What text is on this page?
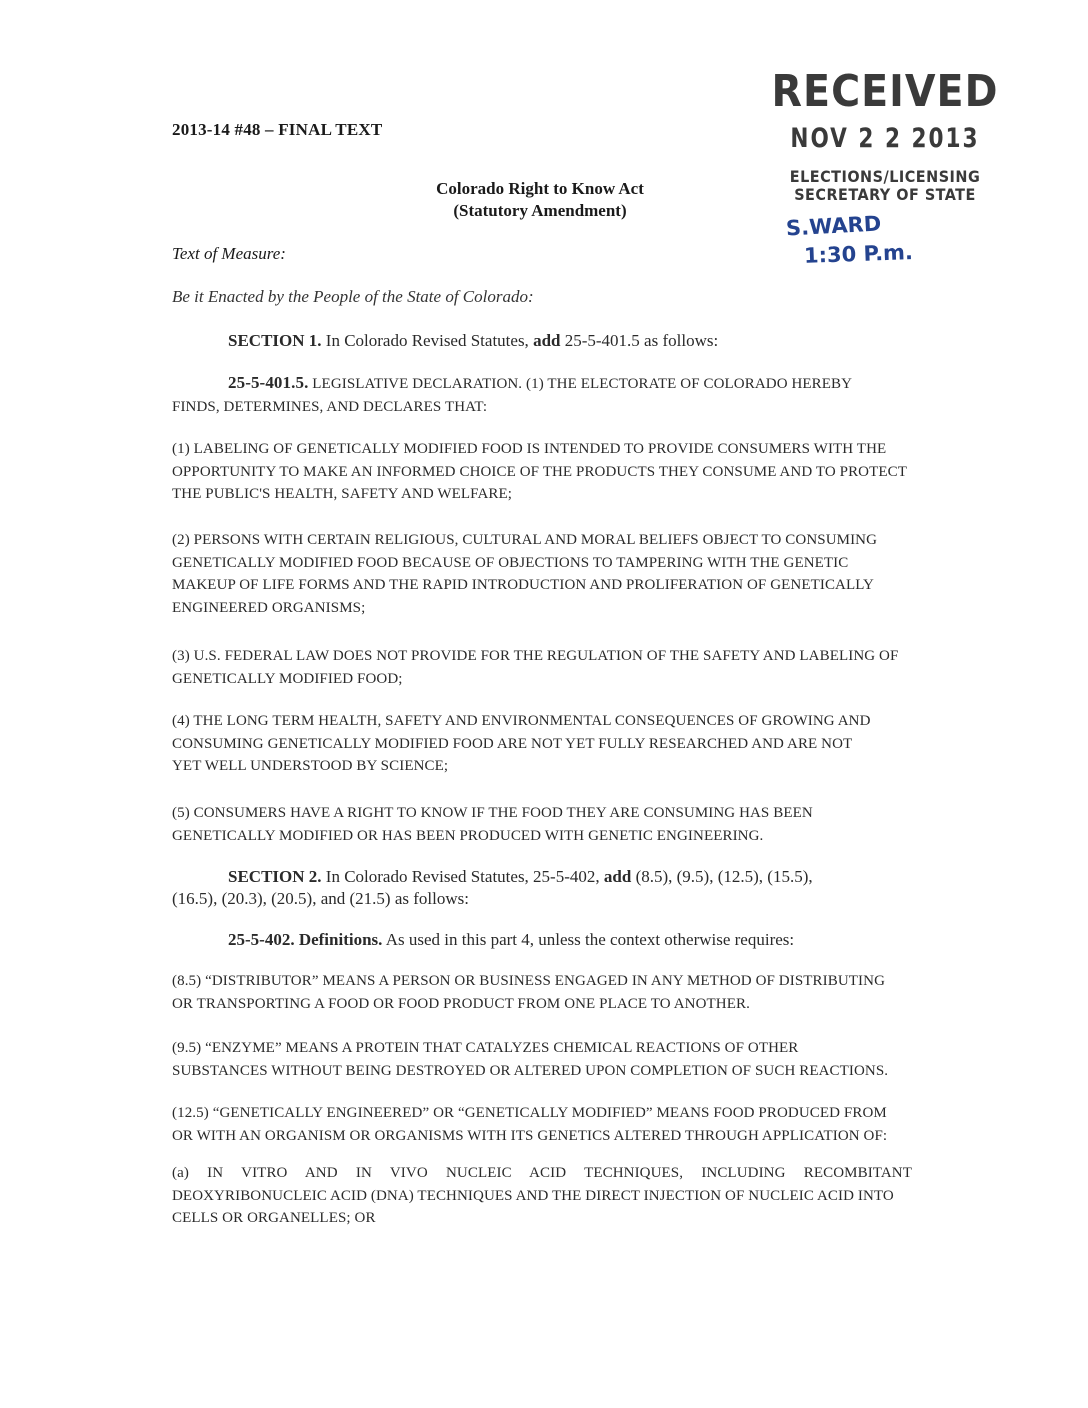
2013-14 #48 – FINAL TEXT
Colorado Right to Know Act
(Statutory Amendment)
Text of Measure:
Be it Enacted by the People of the State of Colorado:
RECEIVED
NOV 2 2 2013
ELECTIONS/LICENSING
SECRETARY OF STATE
S.WARD
1:30 P.m.
SECTION 1. In Colorado Revised Statutes, add 25-5-401.5 as follows:
25-5-401.5. LEGISLATIVE DECLARATION. (1) THE ELECTORATE OF COLORADO HEREBY
FINDS, DETERMINES, AND DECLARES THAT:
(1) LABELING OF GENETICALLY MODIFIED FOOD IS INTENDED TO PROVIDE CONSUMERS WITH THE
OPPORTUNITY TO MAKE AN INFORMED CHOICE OF THE PRODUCTS THEY CONSUME AND TO PROTECT
THE PUBLIC'S HEALTH, SAFETY AND WELFARE;
(2) PERSONS WITH CERTAIN RELIGIOUS, CULTURAL AND MORAL BELIEFS OBJECT TO CONSUMING
GENETICALLY MODIFIED FOOD BECAUSE OF OBJECTIONS TO TAMPERING WITH THE GENETIC
MAKEUP OF LIFE FORMS AND THE RAPID INTRODUCTION AND PROLIFERATION OF GENETICALLY
ENGINEERED ORGANISMS;
(3) U.S. FEDERAL LAW DOES NOT PROVIDE FOR THE REGULATION OF THE SAFETY AND LABELING OF
GENETICALLY MODIFIED FOOD;
(4) THE LONG TERM HEALTH, SAFETY AND ENVIRONMENTAL CONSEQUENCES OF GROWING AND
CONSUMING GENETICALLY MODIFIED FOOD ARE NOT YET FULLY RESEARCHED AND ARE NOT
YET WELL UNDERSTOOD BY SCIENCE;
(5) CONSUMERS HAVE A RIGHT TO KNOW IF THE FOOD THEY ARE CONSUMING HAS BEEN
GENETICALLY MODIFIED OR HAS BEEN PRODUCED WITH GENETIC ENGINEERING.
SECTION 2. In Colorado Revised Statutes, 25-5-402, add (8.5), (9.5), (12.5), (15.5),
(16.5), (20.3), (20.5), and (21.5) as follows:
25-5-402. Definitions. As used in this part 4, unless the context otherwise requires:
(8.5) “DISTRIBUTOR” MEANS A PERSON OR BUSINESS ENGAGED IN ANY METHOD OF DISTRIBUTING
OR TRANSPORTING A FOOD OR FOOD PRODUCT FROM ONE PLACE TO ANOTHER.
(9.5) “ENZYME” MEANS A PROTEIN THAT CATALYZES CHEMICAL REACTIONS OF OTHER
SUBSTANCES WITHOUT BEING DESTROYED OR ALTERED UPON COMPLETION OF SUCH REACTIONS.
(12.5) “GENETICALLY ENGINEERED” OR “GENETICALLY MODIFIED” MEANS FOOD PRODUCED FROM
OR WITH AN ORGANISM OR ORGANISMS WITH ITS GENETICS ALTERED THROUGH APPLICATION OF:
(a) IN VITRO AND IN VIVO NUCLEIC ACID TECHNIQUES, INCLUDING RECOMBITANT
DEOXYRIBONUCLEIC ACID (DNA) TECHNIQUES AND THE DIRECT INJECTION OF NUCLEIC ACID INTO
CELLS OR ORGANELLES; OR
